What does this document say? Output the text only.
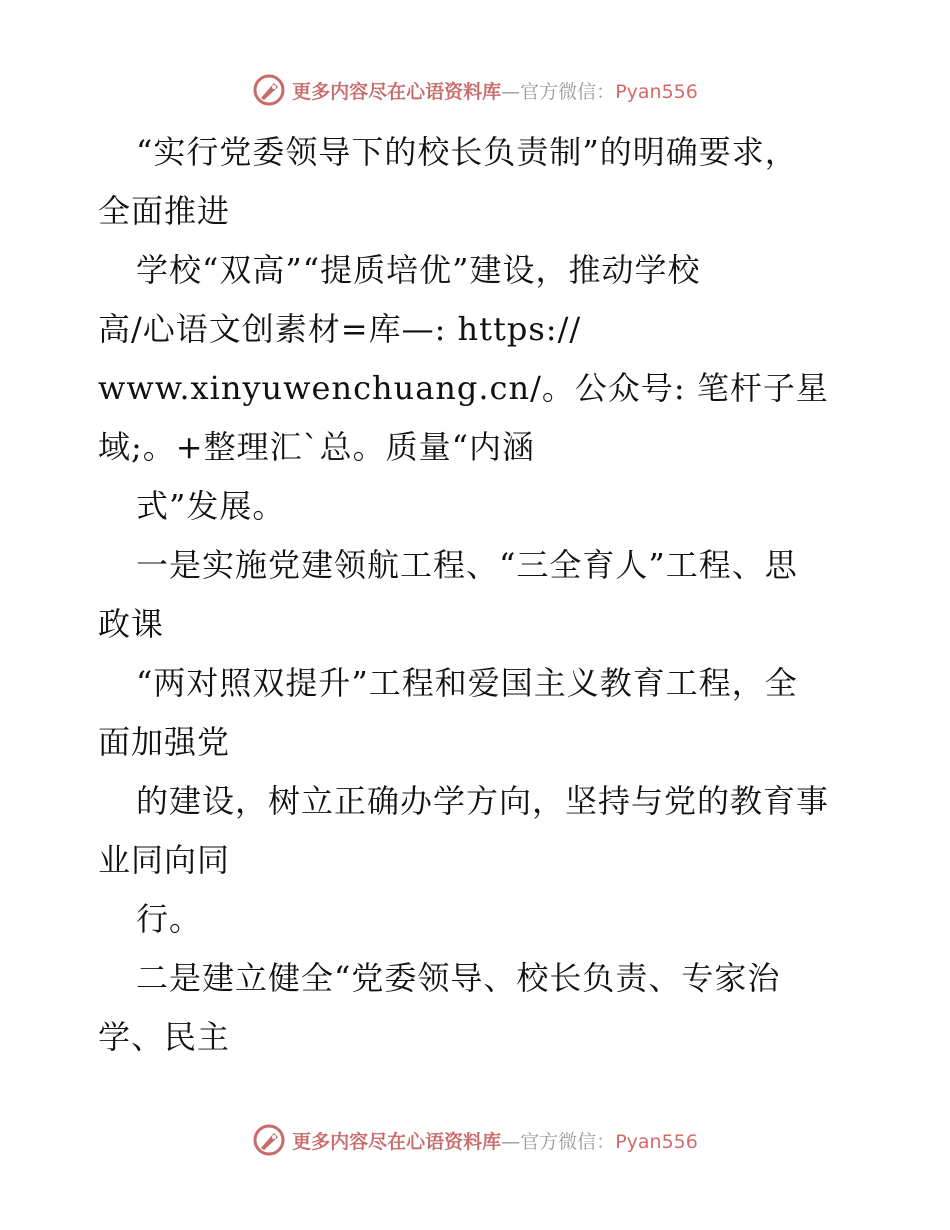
更多内容尽在心语资料库—官方微信：Pyan556
“实行党委领导下的校长负责制”的明确要求，
全面推进
学校“双高”“提质培优”建设，推动学校
高/心语文创素材=库—: https://
www.xinyuwenchuang.cn/。公众号: 笔杆子星
域;。+整理汇`总。质量“内涵
式”发展。
一是实施党建领航工程、“三全育人”工程、思
政课
“两对照双提升”工程和爱国主义教育工程，全
面加强党
的建设，树立正确办学方向，坚持与党的教育事
业同向同
行。
二是建立健全“党委领导、校长负责、专家治
学、民主
更多内容尽在心语资料库—官方微信：Pyan556
